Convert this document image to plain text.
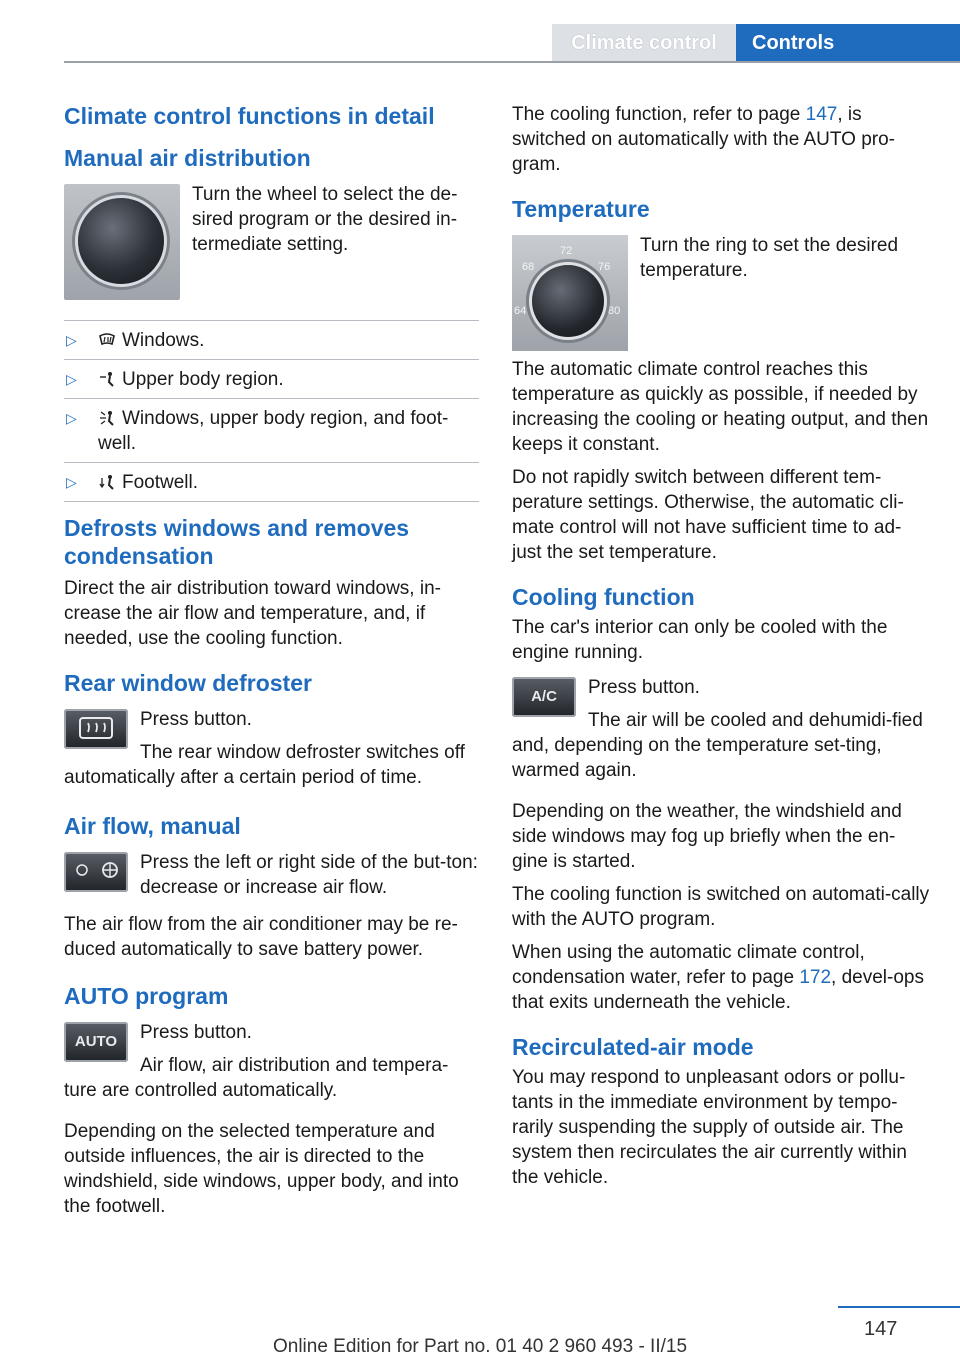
Climate control	Controls
Climate control functions in detail
Manual air distribution

Turn the wheel to select the de-sired program or the desired in-termediate setting.

▷ Windows.
▷ Upper body region.
▷ Windows, upper body region, and foot-well.
▷ Footwell.
Defrosts windows and removes condensation

Direct the air distribution toward windows, in-crease the air flow and temperature, and, if needed, use the cooling function.

Rear window defroster

Press button.

The rear window defroster switches off automatically after a certain period of time.

Air flow, manual

Press the left or right side of the but-ton: decrease or increase air flow.

The air flow from the air conditioner may be re-duced automatically to save battery power.

AUTO program
AUTO	Press button.

Air flow, air distribution and tempera-ture are controlled automatically.

Depending on the selected temperature and outside influences, the air is directed to the windshield, side windows, upper body, and into the footwell.

The cooling function, refer to page 147, is switched on automatically with the AUTO pro-gram.

Temperature
72
68	76
64	80

Turn the ring to set the desired temperature.

The automatic climate control reaches this temperature as quickly as possible, if needed by increasing the cooling or heating output, and then keeps it constant.

Do not rapidly switch between different tem-perature settings. Otherwise, the automatic cli-mate control will not have sufficient time to ad-just the set temperature.

Cooling function

The car's interior can only be cooled with the engine running.

A/C	Press button.

The air will be cooled and dehumidi-fied and, depending on the temperature set-ting, warmed again.

Depending on the weather, the windshield and side windows may fog up briefly when the en-gine is started.

The cooling function is switched on automati-cally with the AUTO program.

When using the automatic climate control, condensation water, refer to page 172, devel-ops that exits underneath the vehicle.

Recirculated-air mode

You may respond to unpleasant odors or pollu-tants in the immediate environment by tempo-rarily suspending the supply of outside air. The system then recirculates the air currently within the vehicle.

147
Online Edition for Part no. 01 40 2 960 493 - II/15
